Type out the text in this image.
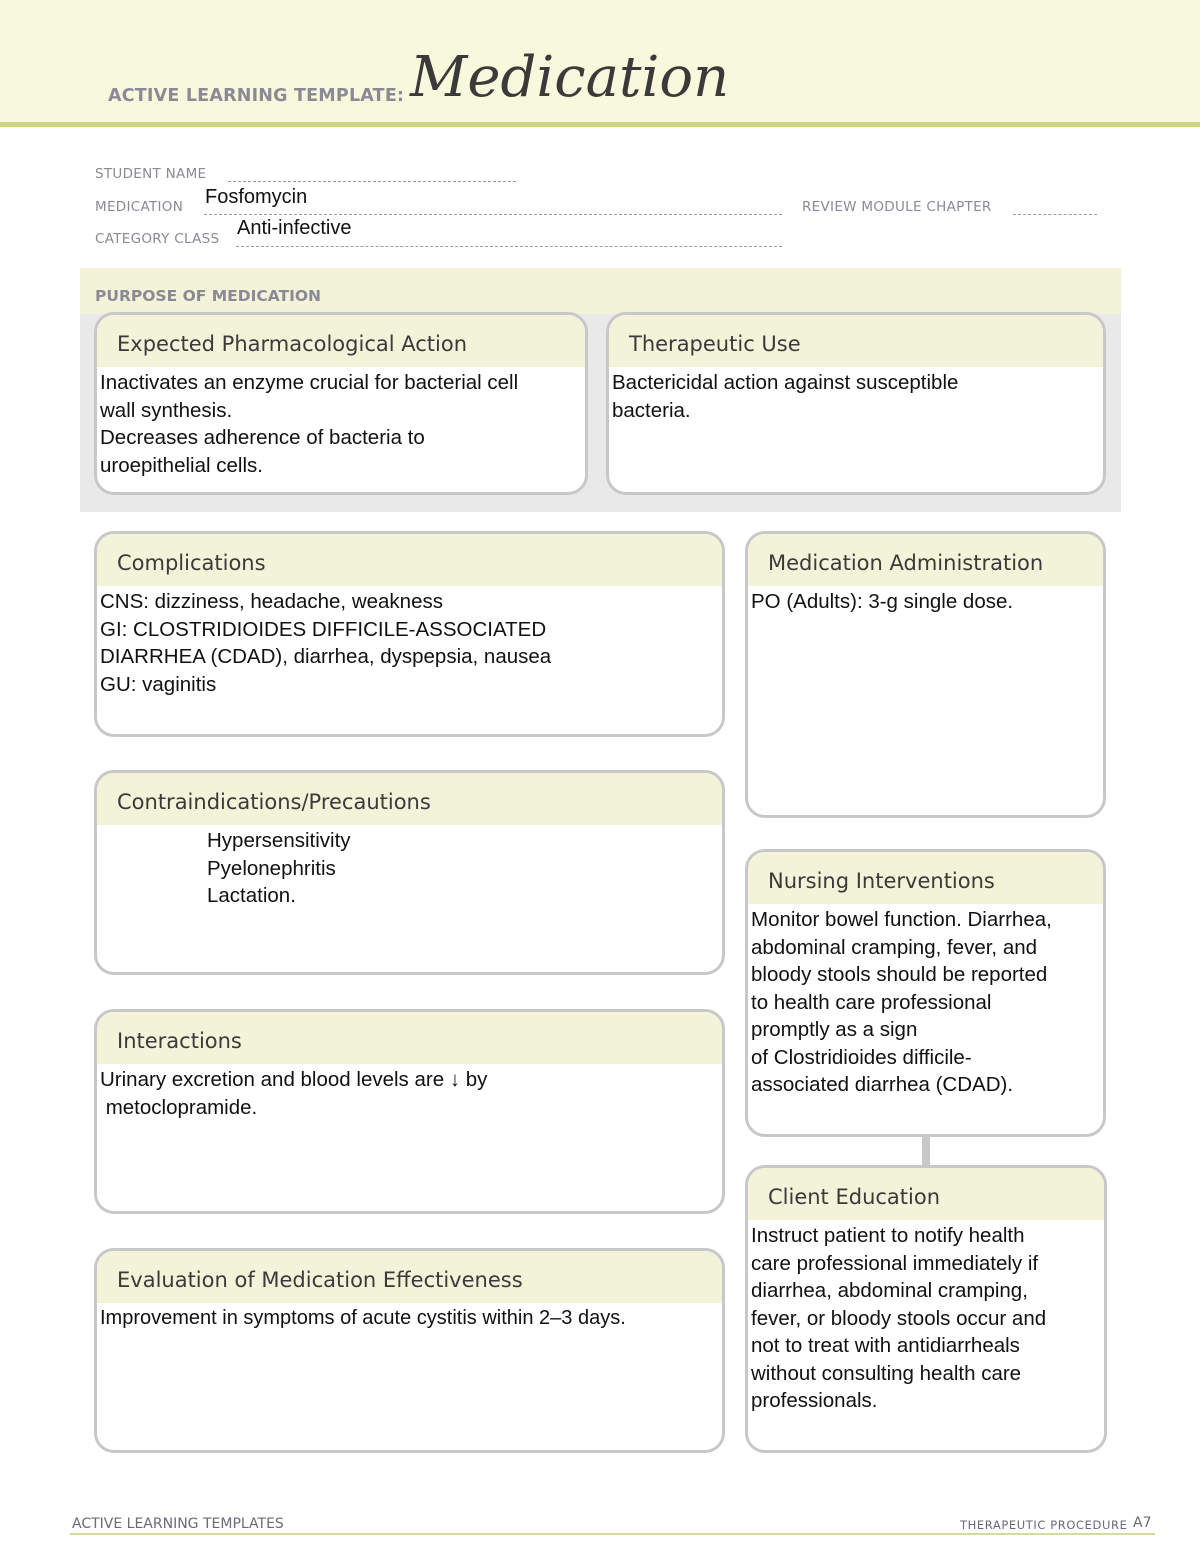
ACTIVE LEARNING TEMPLATE: Medication
STUDENT NAME
MEDICATION Fosfomycin	REVIEW MODULE CHAPTER
CATEGORY CLASS Anti-infective
PURPOSE OF MEDICATION
Expected Pharmacological Action
Inactivates an enzyme crucial for bacterial cell
wall synthesis.
Decreases adherence of bacteria to
uroepithelial cells.
Therapeutic Use
Bactericidal action against susceptible
bacteria.
Complications
CNS: dizziness, headache, weakness
GI: CLOSTRIDIOIDES DIFFICILE-ASSOCIATED
DIARRHEA (CDAD), diarrhea, dyspepsia, nausea
GU: vaginitis
Medication Administration
PO (Adults): 3-g single dose.
Contraindications/Precautions
Hypersensitivity
Pyelonephritis
Lactation.
Nursing Interventions
Monitor bowel function. Diarrhea,
abdominal cramping, fever, and
bloody stools should be reported
to health care professional
promptly as a sign
of Clostridioides difficile-
associated diarrhea (CDAD).
Interactions
Urinary excretion and blood levels are ↓ by
metoclopramide.
Client Education
Instruct patient to notify health
care professional immediately if
diarrhea, abdominal cramping,
fever, or bloody stools occur and
not to treat with antidiarrheals
without consulting health care
professionals.
Evaluation of Medication Effectiveness
Improvement in symptoms of acute cystitis within 2–3 days.
ACTIVE LEARNING TEMPLATES	THERAPEUTIC PROCEDURE A7
